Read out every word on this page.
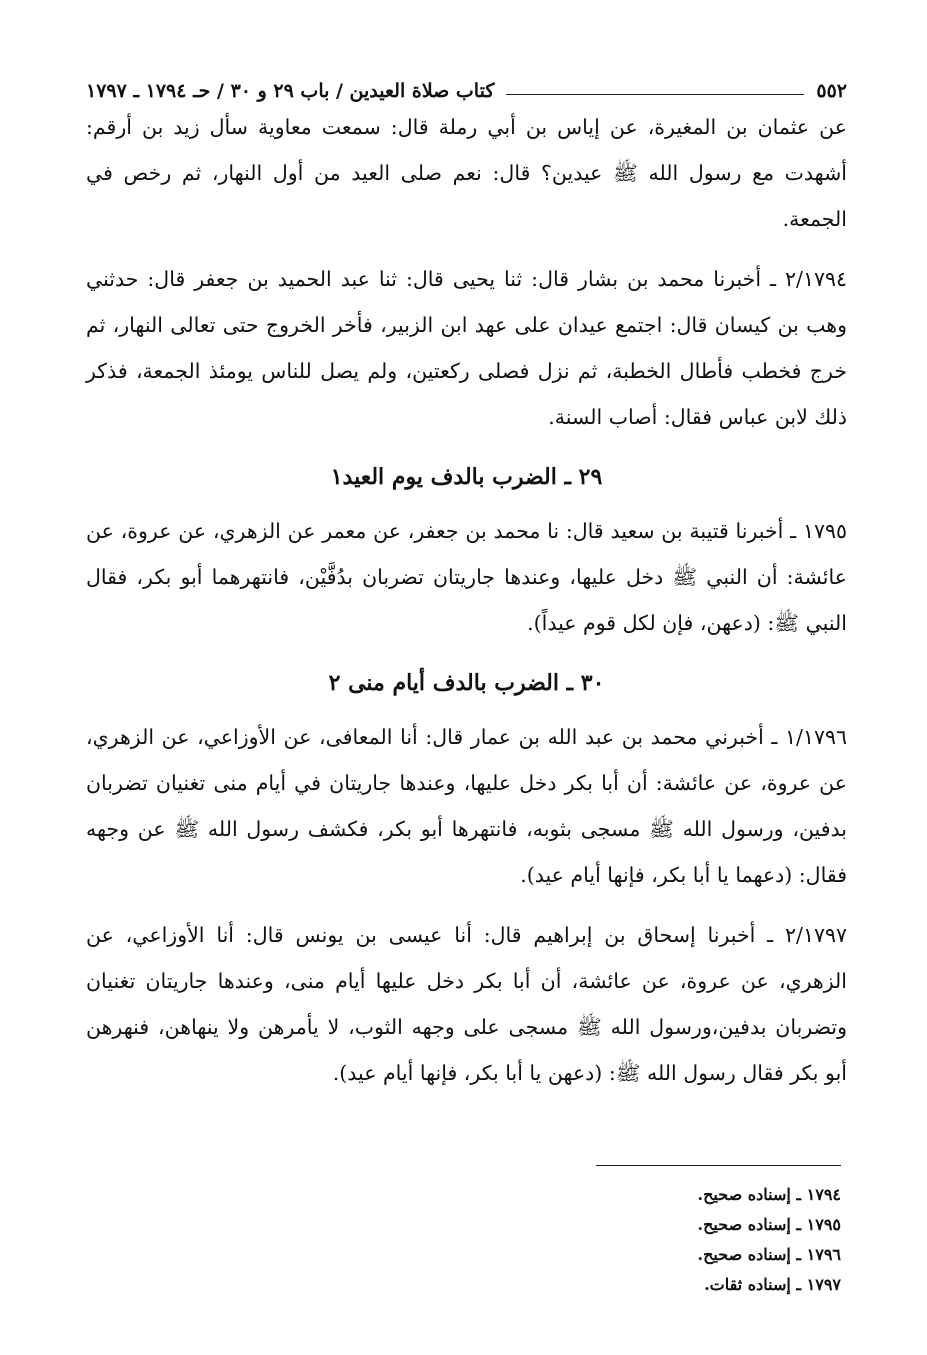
٥٥٢
كتاب صلاة العيدين / باب ٢٩ و ٣٠ / حـ ١٧٩٤ ـ ١٧٩٧

عن عثمان بن المغيرة، عن إياس بن أبي رملة قال: سمعت معاوية سأل زيد بن أرقم: أشهدت مع رسول الله ﷺ عيدين؟ قال: نعم صلى العيد من أول النهار، ثم رخص في الجمعة.

٢/١٧٩٤ ـ أخبرنا محمد بن بشار قال: ثنا يحيى قال: ثنا عبد الحميد بن جعفر قال: حدثني وهب بن كيسان قال: اجتمع عيدان على عهد ابن الزبير، فأخر الخروج حتى تعالى النهار، ثم خرج فخطب فأطال الخطبة، ثم نزل فصلى ركعتين، ولم يصل للناس يومئذ الجمعة، فذكر ذلك لابن عباس فقال: أصاب السنة.

٢٩ ـ الضرب بالدف يوم العيد١

١٧٩٥ ـ أخبرنا قتيبة بن سعيد قال: نا محمد بن جعفر، عن معمر عن الزهري، عن عروة، عن عائشة: أن النبي ﷺ دخل عليها، وعندها جاريتان تضربان بدُفَّيْن، فانتهرهما أبو بكر، فقال النبي ﷺ: (دعهن، فإن لكل قوم عيداً).

٣٠ ـ الضرب بالدف أيام منى ٢

١/١٧٩٦ ـ أخبرني محمد بن عبد الله بن عمار قال: أنا المعافى، عن الأوزاعي، عن الزهري، عن عروة، عن عائشة: أن أبا بكر دخل عليها، وعندها جاريتان في أيام منى تغنيان تضربان بدفين، ورسول الله ﷺ مسجى بثوبه، فانتهرها أبو بكر، فكشف رسول الله ﷺ عن وجهه فقال: (دعهما يا أبا بكر، فإنها أيام عيد).

٢/١٧٩٧ ـ أخبرنا إسحاق بن إبراهيم قال: أنا عيسى بن يونس قال: أنا الأوزاعي، عن الزهري، عن عروة، عن عائشة، أن أبا بكر دخل عليها أيام منى، وعندها جاريتان تغنيان وتضربان بدفين،ورسول الله ﷺ مسجى على وجهه الثوب، لا يأمرهن ولا ينهاهن، فنهرهن أبو بكر فقال رسول الله ﷺ: (دعهن يا أبا بكر، فإنها أيام عيد).

١٧٩٤ ـ إسناده صحيح.
١٧٩٥ ـ إسناده صحيح.
١٧٩٦ ـ إسناده صحيح.
١٧٩٧ ـ إسناده ثقات.
